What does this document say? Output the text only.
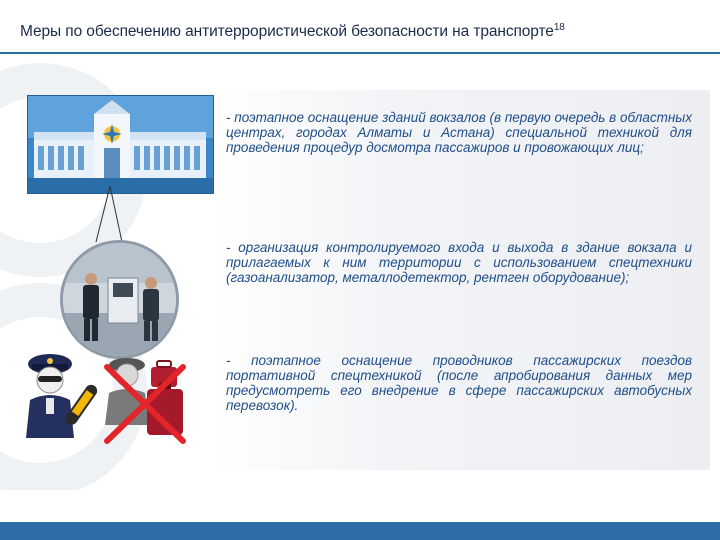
Меры по обеспечению антитеррористической безопасности на транспорте$^{18}$
- поэтапное оснащение зданий вокзалов (в первую очередь в областных центрах, городах Алматы и Астана) специальной техникой для проведения процедур досмотра пассажиров и провожающих лиц;
- организация контролируемого входа и выхода в здание вокзала и прилагаемых к ним территории с использованием спецтехники (газоанализатор, металлодетектор, рентген оборудование);
- поэтапное оснащение проводников пассажирских поездов портативной спецтехникой (после апробирования данных мер предусмотреть его внедрение в сфере пассажирских автобусных перевозок).
